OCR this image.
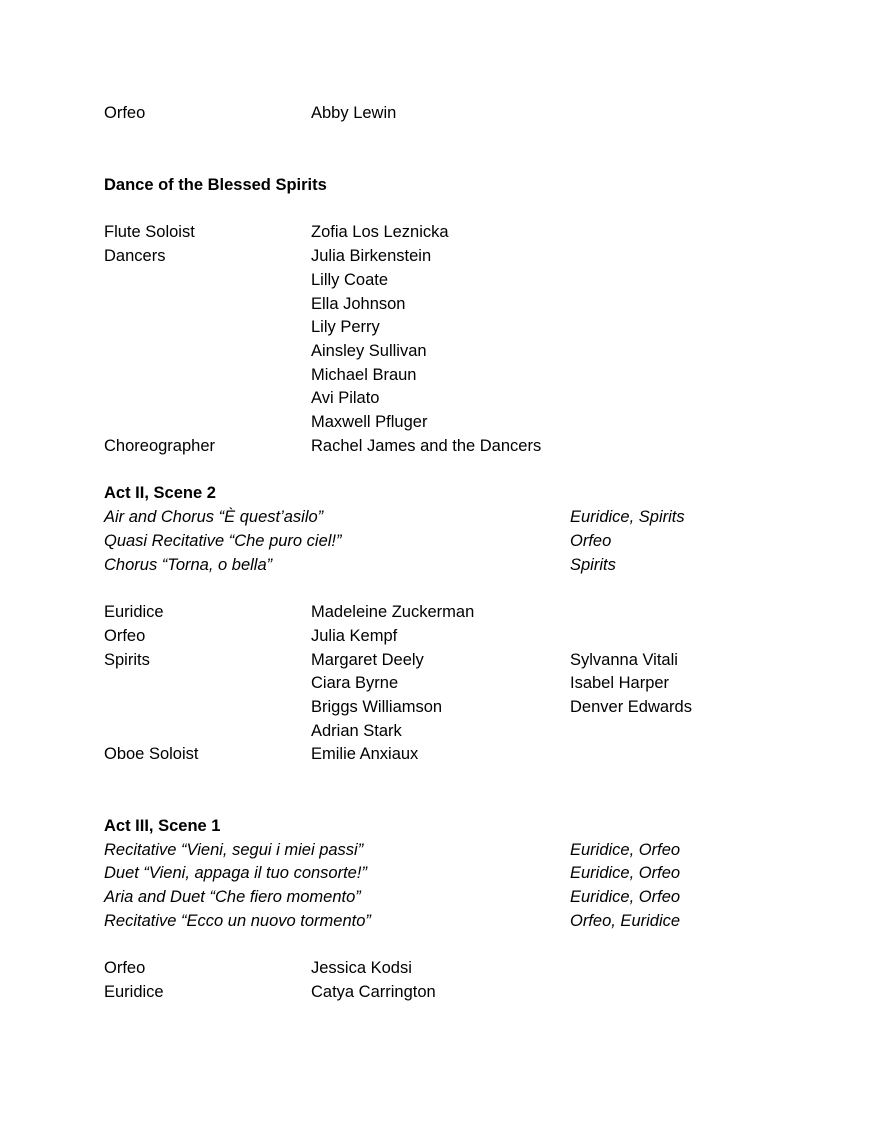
Orfeo	Abby Lewin
Dance of the Blessed Spirits
Flute Soloist	Zofia Los Leznicka
Dancers	Julia Birkenstein
Lilly Coate
Ella Johnson
Lily Perry
Ainsley Sullivan
Michael Braun
Avi Pilato
Maxwell Pfluger
Choreographer	Rachel James and the Dancers
Act II, Scene 2
Air and Chorus “È quest’asilo”	Euridice, Spirits
Quasi Recitative “Che puro ciel!”	Orfeo
Chorus “Torna, o bella”	Spirits
Euridice	Madeleine Zuckerman
Orfeo	Julia Kempf
Spirits	Margaret Deely	Sylvanna Vitali
Ciara Byrne	Isabel Harper
Briggs Williamson	Denver Edwards
Adrian Stark
Oboe Soloist	Emilie Anxiaux
Act III, Scene 1
Recitative “Vieni, segui i miei passi”	Euridice, Orfeo
Duet “Vieni, appaga il tuo consorte!”	Euridice, Orfeo
Aria and Duet “Che fiero momento”	Euridice, Orfeo
Recitative “Ecco un nuovo tormento”	Orfeo, Euridice
Orfeo	Jessica Kodsi
Euridice	Catya Carrington
